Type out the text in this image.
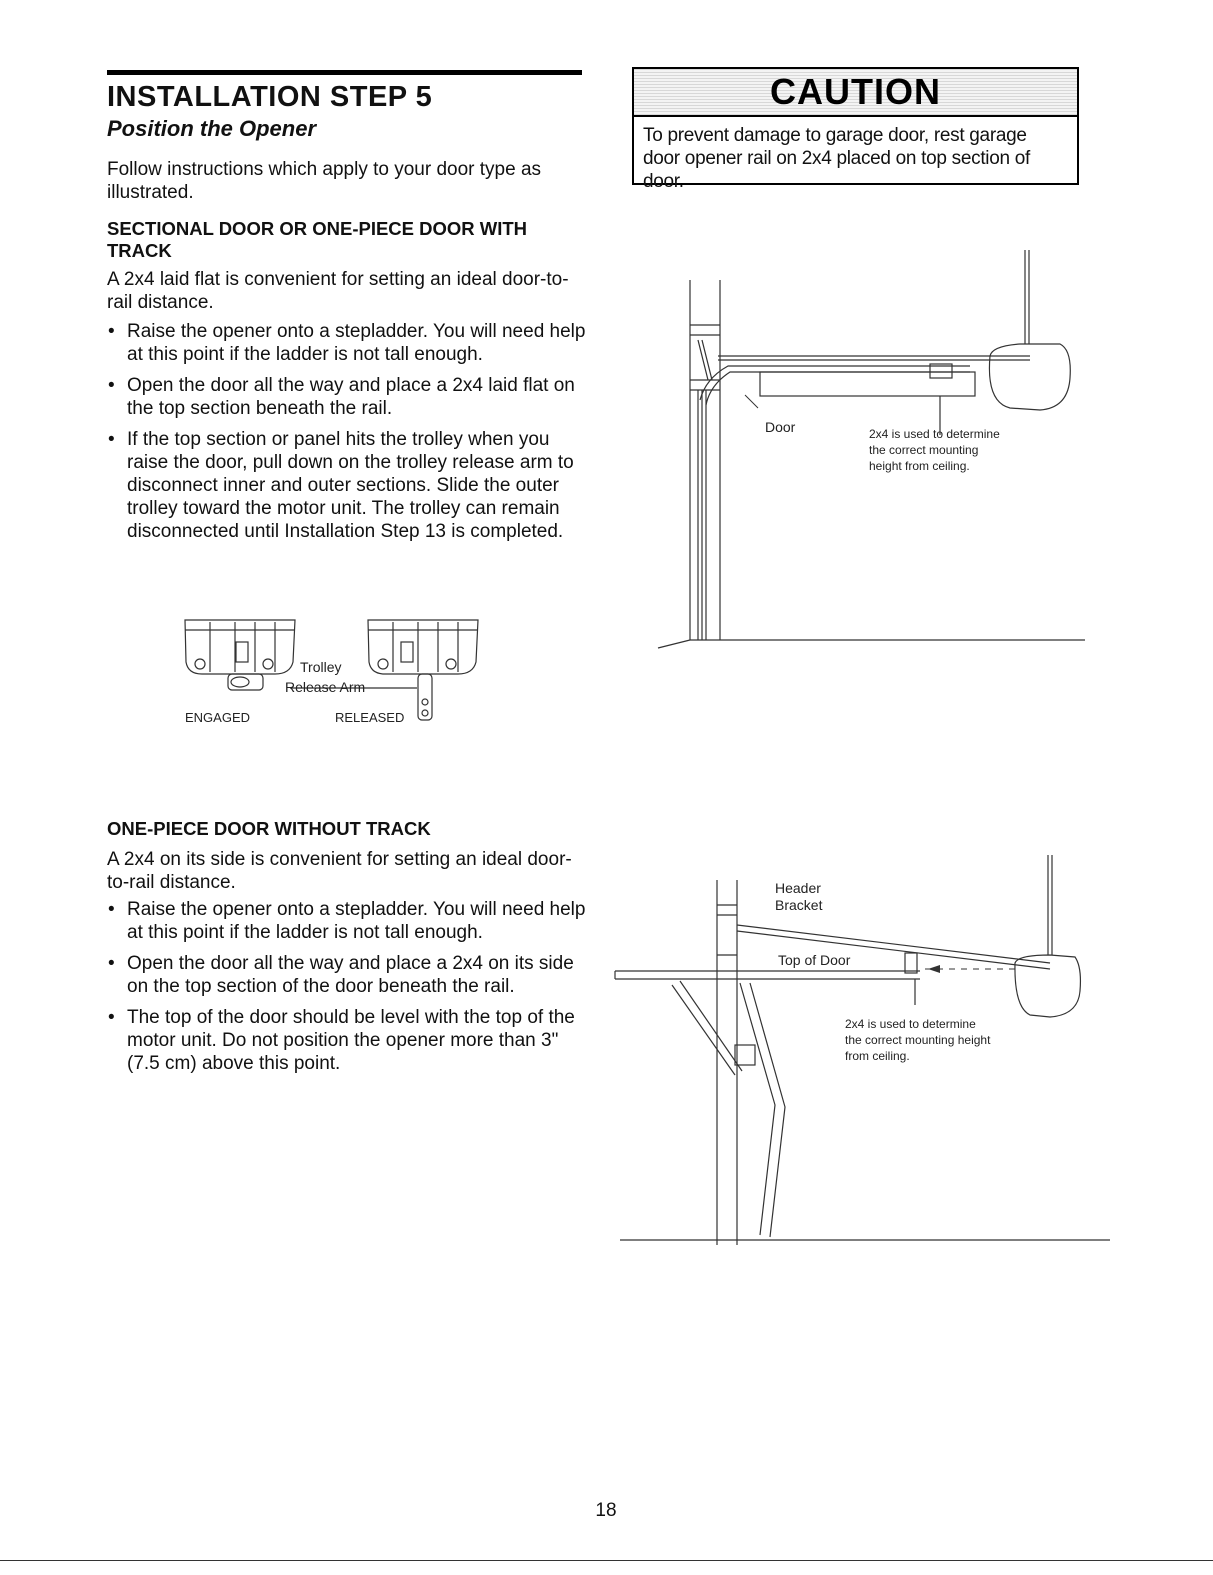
INSTALLATION STEP 5
Position the Opener
Follow instructions which apply to your door type as illustrated.
SECTIONAL DOOR OR ONE-PIECE DOOR WITH TRACK
A 2x4 laid flat is convenient for setting an ideal door-to-rail distance.
• Raise the opener onto a stepladder. You will need help at this point if the ladder is not tall enough.
• Open the door all the way and place a 2x4 laid flat on the top section beneath the rail.
• If the top section or panel hits the trolley when you raise the door, pull down on the trolley release arm to disconnect inner and outer sections. Slide the outer trolley toward the motor unit. The trolley can remain disconnected until Installation Step 13 is completed.
Trolley
Release Arm
ENGAGED	RELEASED
ONE-PIECE DOOR WITHOUT TRACK
A 2x4 on its side is convenient for setting an ideal door-to-rail distance.
• Raise the opener onto a stepladder. You will need help at this point if the ladder is not tall enough.
• Open the door all the way and place a 2x4 on its side on the top section of the door beneath the rail.
• The top of the door should be level with the top of the motor unit. Do not position the opener more than 3" (7.5 cm) above this point.
CAUTION
To prevent damage to garage door, rest garage door opener rail on 2x4 placed on top section of door.
Door	2x4 is used to determine
the correct mounting
height from ceiling.
Header
Bracket
Top of Door
2x4 is used to determine
the correct mounting height
from ceiling.
18
